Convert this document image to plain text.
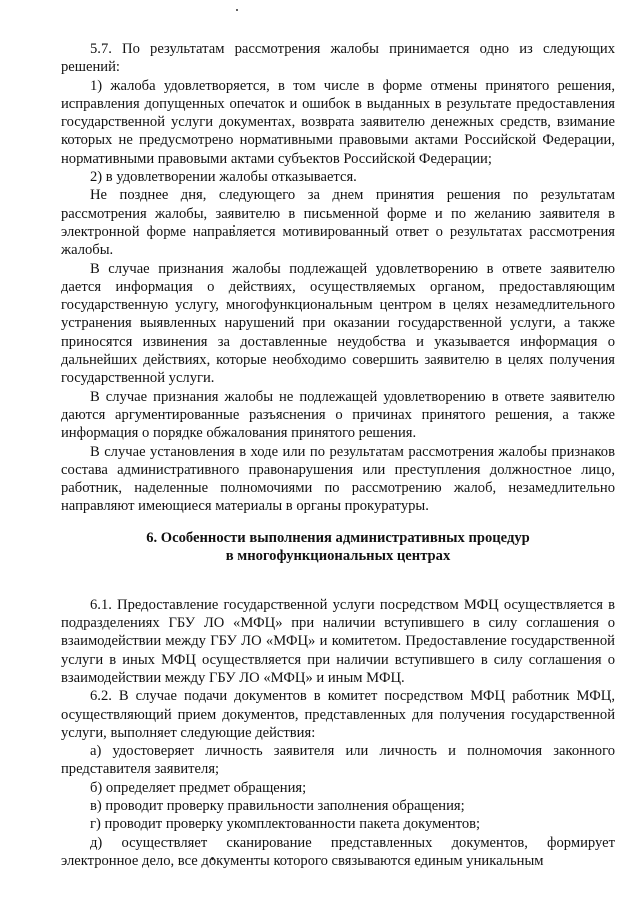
5.7. По результатам рассмотрения жалобы принимается одно из следующих решений:

1) жалоба удовлетворяется, в том числе в форме отмены принятого решения, исправления допущенных опечаток и ошибок в выданных в результате предоставления государственной услуги документах, возврата заявителю денежных средств, взимание которых не предусмотрено нормативными правовыми актами Российской Федерации, нормативными правовыми актами субъектов Российской Федерации;

2) в удовлетворении жалобы отказывается.

Не позднее дня, следующего за днем принятия решения по результатам рассмотрения жалобы, заявителю в письменной форме и по желанию заявителя в электронной форме направляется мотивированный ответ о результатах рассмотрения жалобы.

В случае признания жалобы подлежащей удовлетворению в ответе заявителю дается информация о действиях, осуществляемых органом, предоставляющим государственную услугу, многофункциональным центром в целях незамедлительного устранения выявленных нарушений при оказании государственной услуги, а также приносятся извинения за доставленные неудобства и указывается информация о дальнейших действиях, которые необходимо совершить заявителю в целях получения государственной услуги.

В случае признания жалобы не подлежащей удовлетворению в ответе заявителю даются аргументированные разъяснения о причинах принятого решения, а также информация о порядке обжалования принятого решения.

В случае установления в ходе или по результатам рассмотрения жалобы признаков состава административного правонарушения или преступления должностное лицо, работник, наделенные полномочиями по рассмотрению жалоб, незамедлительно направляют имеющиеся материалы в органы прокуратуры.

6. Особенности выполнения административных процедур
в многофункциональных центрах

6.1. Предоставление государственной услуги посредством МФЦ осуществляется в подразделениях ГБУ ЛО «МФЦ» при наличии вступившего в силу соглашения о взаимодействии между ГБУ ЛО «МФЦ» и комитетом. Предоставление государственной услуги в иных МФЦ осуществляется при наличии вступившего в силу соглашения о взаимодействии между ГБУ ЛО «МФЦ» и иным МФЦ.

6.2. В случае подачи документов в комитет посредством МФЦ работник МФЦ, осуществляющий прием документов, представленных для получения государственной услуги, выполняет следующие действия:

а) удостоверяет личность заявителя или личность и полномочия законного представителя заявителя;

б) определяет предмет обращения;

в) проводит проверку правильности заполнения обращения;

г) проводит проверку укомплектованности пакета документов;

д) осуществляет сканирование представленных документов, формирует электронное дело, все документы которого связываются единым уникальным
